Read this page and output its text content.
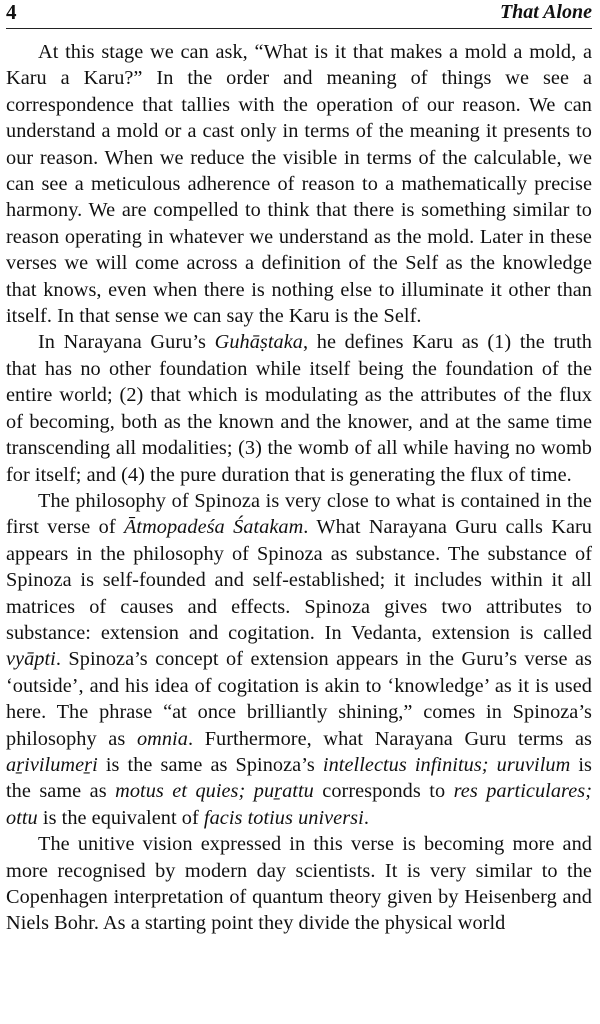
4	That Alone

At this stage we can ask, “What is it that makes a mold a mold, a Karu a Karu?” In the order and meaning of things we see a correspondence that tallies with the operation of our reason. We can understand a mold or a cast only in terms of the meaning it presents to our reason. When we reduce the visible in terms of the calculable, we can see a meticulous adherence of reason to a mathematically precise harmony. We are compelled to think that there is something similar to reason operating in whatever we understand as the mold. Later in these verses we will come across a definition of the Self as the knowledge that knows, even when there is nothing else to illuminate it other than itself. In that sense we can say the Karu is the Self.

In Narayana Guru’s Guhāṣtaka, he defines Karu as (1) the truth that has no other foundation while itself being the foundation of the entire world; (2) that which is modulating as the attributes of the flux of becoming, both as the known and the knower, and at the same time transcending all modalities; (3) the womb of all while having no womb for itself; and (4) the pure duration that is generating the flux of time.

The philosophy of Spinoza is very close to what is contained in the first verse of Ātmopadeśa Śatakam. What Narayana Guru calls Karu appears in the philosophy of Spinoza as substance. The substance of Spinoza is self-founded and self-established; it includes within it all matrices of causes and effects. Spinoza gives two attributes to substance: extension and cogitation. In Vedanta, extension is called vyāpti. Spinoza’s concept of extension appears in the Guru’s verse as ‘outside’, and his idea of cogitation is akin to ‘knowledge’ as it is used here. The phrase “at once brilliantly shining,” comes in Spinoza’s philosophy as omnia. Furthermore, what Narayana Guru terms as aṟivilumeṟi is the same as Spinoza’s intellectus infinitus; uruvilum is the same as motus et quies; puṟattu corresponds to res particulares; ottu is the equivalent of facis totius universi.

The unitive vision expressed in this verse is becoming more and more recognised by modern day scientists. It is very similar to the Copenhagen interpretation of quantum theory given by Heisenberg and Niels Bohr. As a starting point they divide the physical world
